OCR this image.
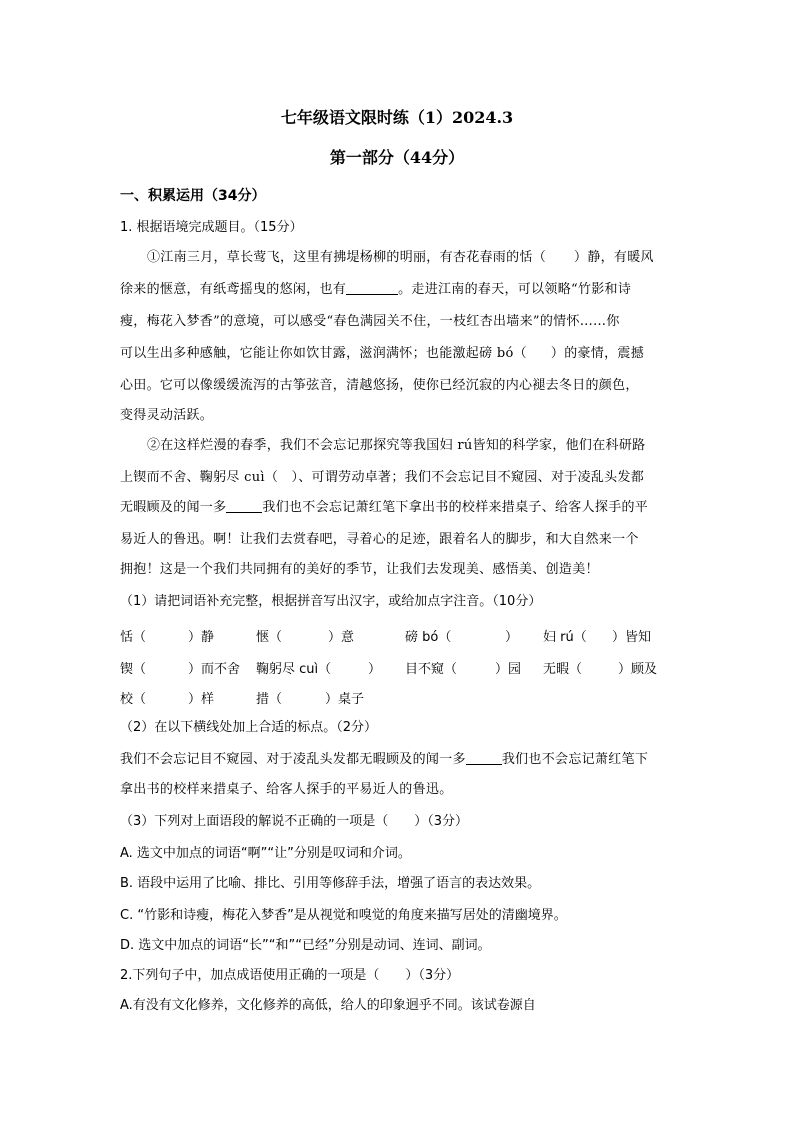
七年级语文限时练（1）2024.3
第一部分（44分）
一、积累运用（34分）
1. 根据语境完成题目。（15分）
①江南三月，草长莺飞，这里有拂堤杨柳的明丽，有杏花春雨的恬（ ）静，有暖风
徐来的惬意，有纸鸢摇曳的悠闲，也有	。走进江南的春天，可以领略“竹影和诗
瘦，梅花入梦香”的意境，可以感受“春色满园关不住，一枝红杏出墙来”的情怀……你
可以生出多种感触，它能让你如饮甘露，滋润满怀；也能激起磅 bó（ ）的豪情，震撼
心田。它可以像缓缓流泻的古筝弦音，清越悠扬，使你已经沉寂的内心褪去冬日的颜色，
变得灵动活跃。
②在这样烂漫的春季，我们不会忘记那探究等我国妇 rú皆知的科学家，他们在科研路
上锲而不舍、鞠躬尽 cuì（　）、可谓劳动卓著；我们不会忘记目不窥园、对于凌乱头发都
无暇顾及的闻一多	我们也不会忘记萧红笔下拿出书的校样来措桌子、给客人探手的平
易近人的鲁迅。啊！让我们去赏春吧，寻着心的足迹，跟着名人的脚步，和大自然来一个
拥抱！这是一个我们共同拥有的美好的季节，让我们去发现美、感悟美、创造美！
（1）请把词语补充完整，根据拼音写出汉字，或给加点字注音。（10分）
恬（	）静	惬（	）意	磅 bó（	） 妇 rú（ ）皆知
锲（	）而不舍 鞠躬尽 cuì（	） 目不窥（	）园 无暇（	）顾及
校（	）样	措（	）桌子
（2）在以下横线处加上合适的标点。（2分）
我们不会忘记目不窥园、对于凌乱头发都无暇顾及的闻一多	我们也不会忘记萧红笔下
拿出书的校样来措桌子、给客人探手的平易近人的鲁迅。
（3）下列对上面语段的解说不正确的一项是（　　）（3分）
A. 选文中加点的词语“啊”“让”分别是叹词和介词。
B. 语段中运用了比喻、排比、引用等修辞手法，增强了语言的表达效果。
C. “竹影和诗瘦，梅花入梦香”是从视觉和嗅觉的角度来描写居处的清幽境界。
D. 选文中加点的词语“长”“和”“已经”分别是动词、连词、副词。
2.下列句子中，加点成语使用正确的一项是（　　）（3分）
A.有没有文化修养，文化修养的高低，给人的印象迥乎不同。该试卷源自
